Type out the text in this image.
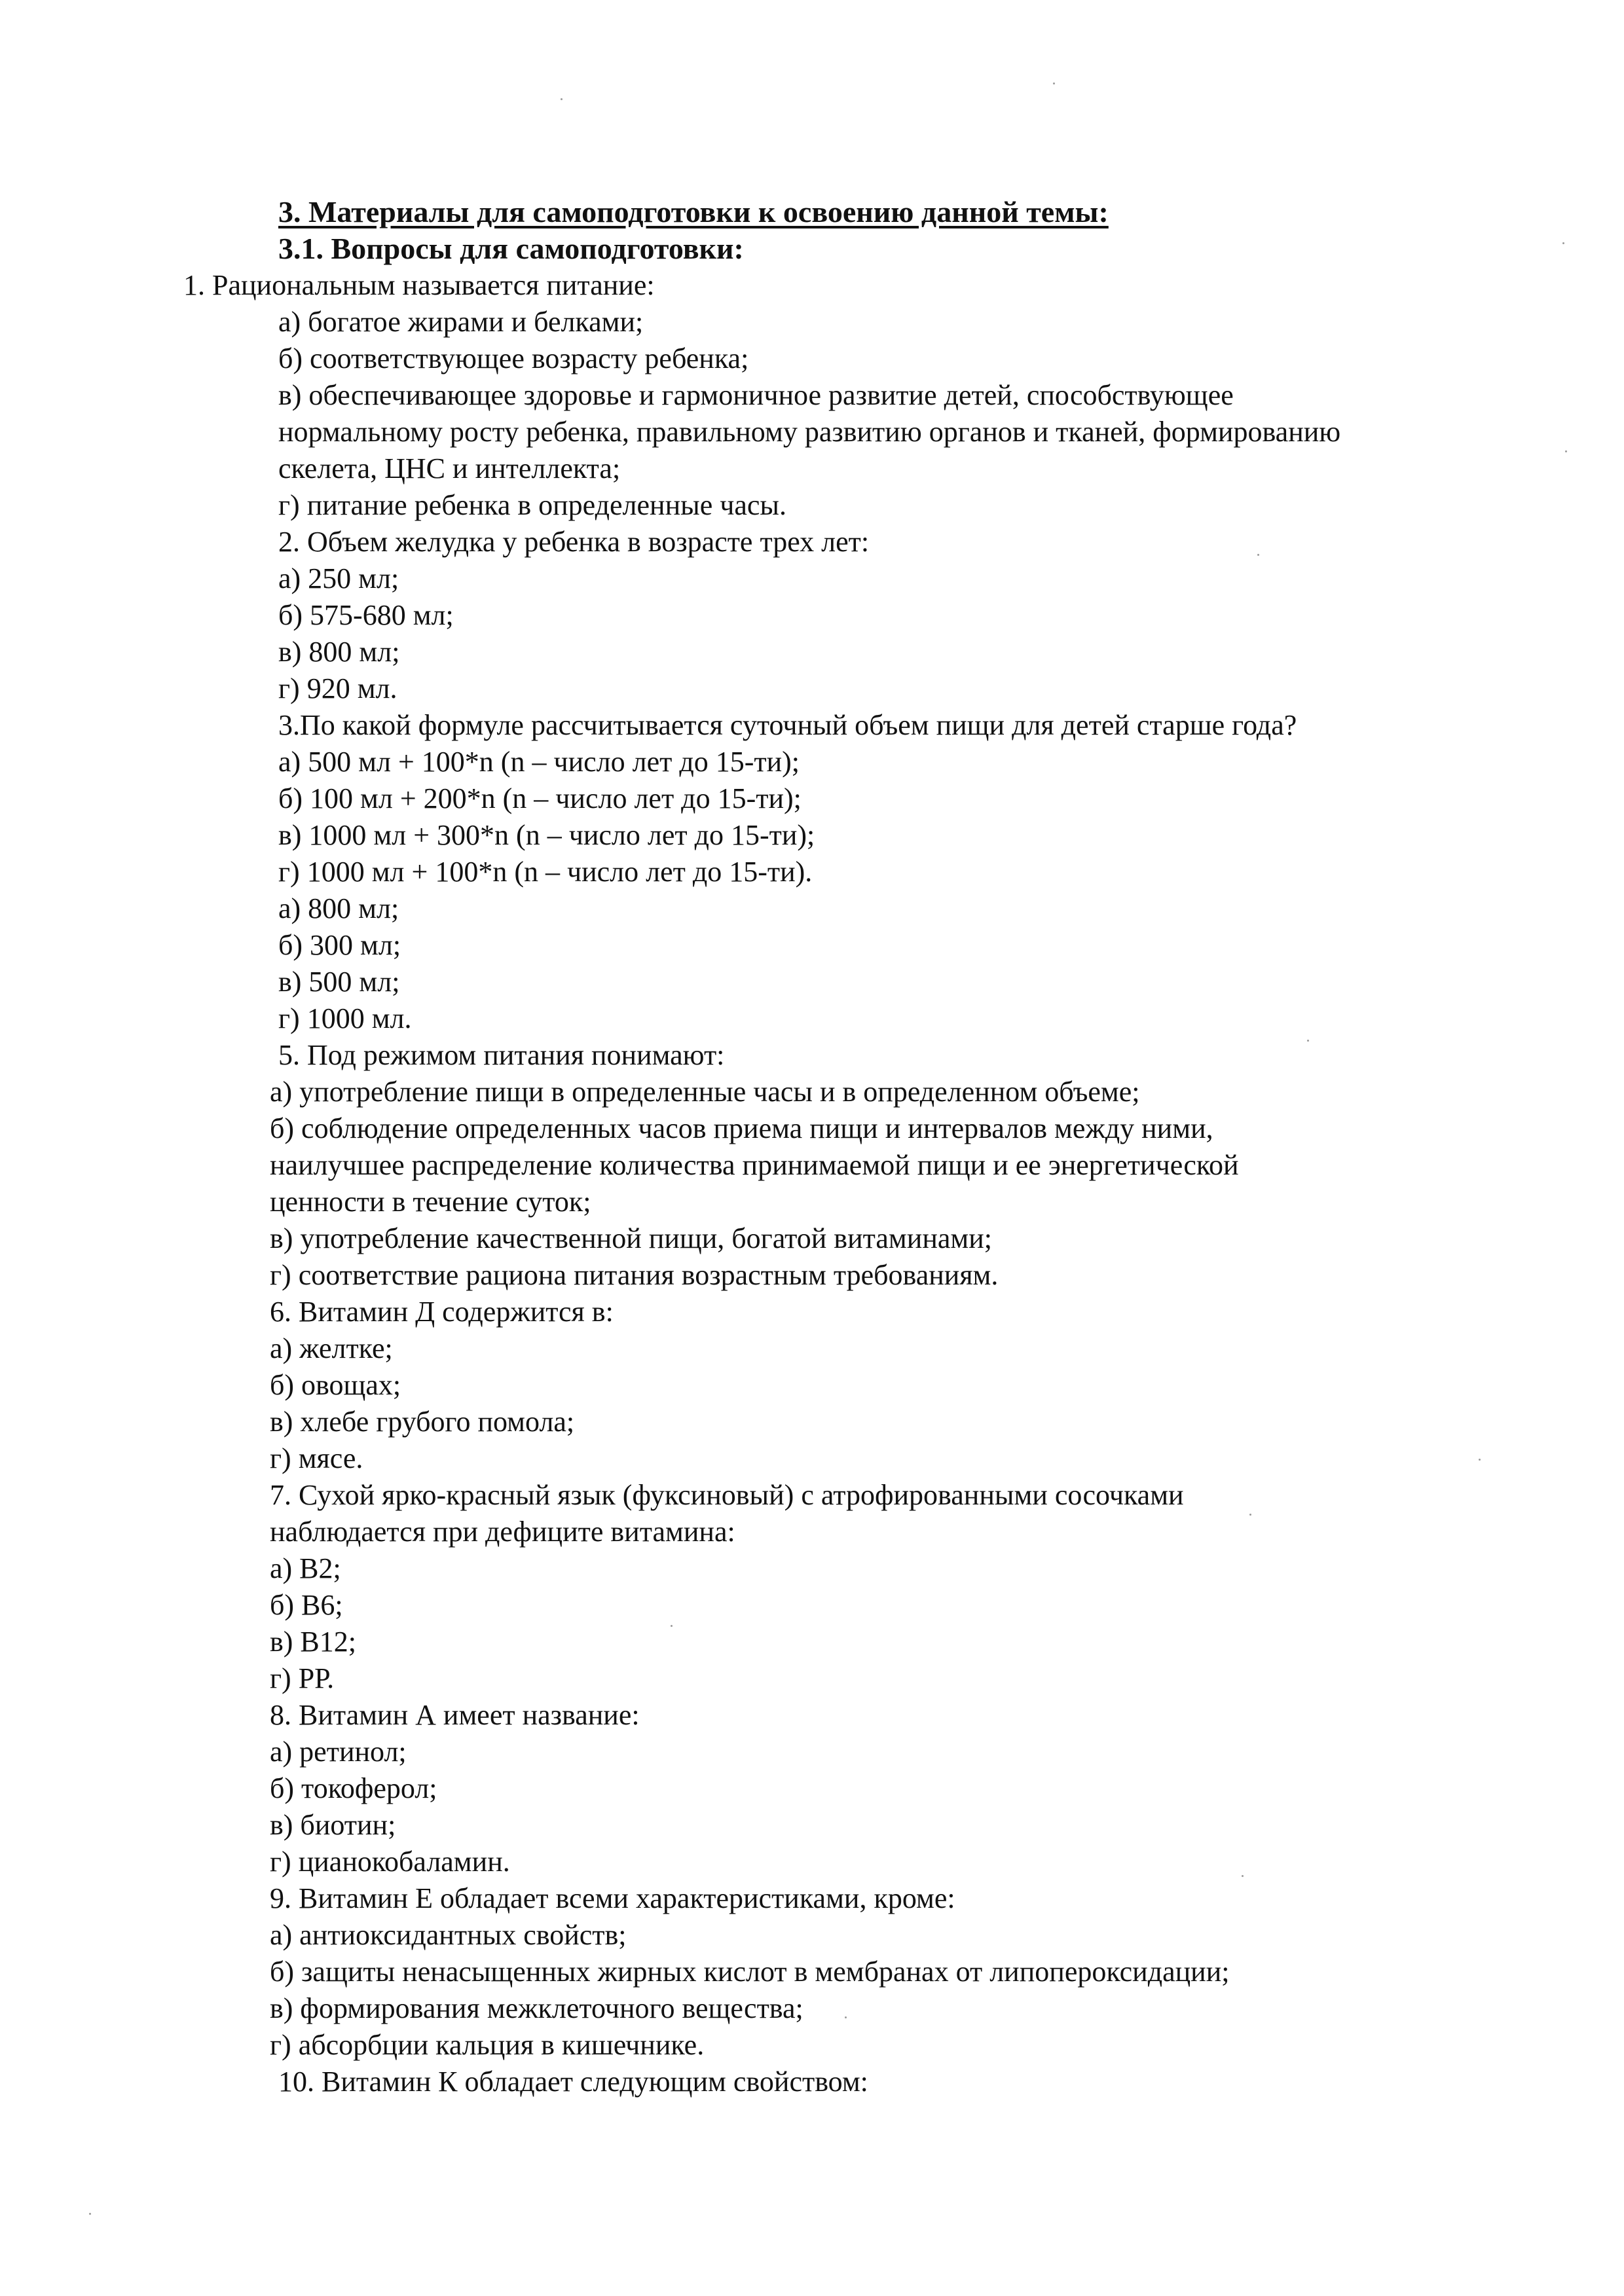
3. Материалы для самоподготовки к освоению данной темы:
3.1. Вопросы для самоподготовки:
1. Рациональным называется питание:
а) богатое жирами и белками;
б) соответствующее возрасту ребенка;
в) обеспечивающее здоровье и гармоничное развитие детей, способствующее
нормальному росту ребенка, правильному развитию органов и тканей, формированию
скелета, ЦНС и интеллекта;
г) питание ребенка в определенные часы.
2. Объем желудка у ребенка в возрасте трех лет:
а) 250 мл;
б) 575-680 мл;
в) 800 мл;
г) 920 мл.
3.По какой формуле рассчитывается суточный объем пищи для детей старше года?
а) 500 мл + 100*n (n – число лет до 15-ти);
б) 100 мл + 200*n (n – число лет до 15-ти);
в) 1000 мл + 300*n (n – число лет до 15-ти);
г) 1000 мл + 100*n (n – число лет до 15-ти).
а) 800 мл;
б) 300 мл;
в) 500 мл;
г) 1000 мл.
5. Под режимом питания понимают:
а) употребление пищи в определенные часы и в определенном объеме;
б) соблюдение определенных часов приема пищи и интервалов между ними,
наилучшее распределение количества принимаемой пищи и ее энергетической
ценности в течение суток;
в) употребление качественной пищи, богатой витаминами;
г) соответствие рациона питания возрастным требованиям.
6. Витамин Д содержится в:
а) желтке;
б) овощах;
в) хлебе грубого помола;
г) мясе.
7. Сухой ярко-красный язык (фуксиновый) с атрофированными сосочками
наблюдается при дефиците витамина:
а) В2;
б) В6;
в) В12;
г) РР.
8. Витамин А имеет название:
а) ретинол;
б) токоферол;
в) биотин;
г) цианокобаламин.
9. Витамин Е обладает всеми характеристиками, кроме:
а) антиоксидантных свойств;
б) защиты ненасыщенных жирных кислот в мембранах от липопероксидации;
в) формирования межклеточного вещества;
г) абсорбции кальция в кишечнике.
10. Витамин К обладает следующим свойством:
